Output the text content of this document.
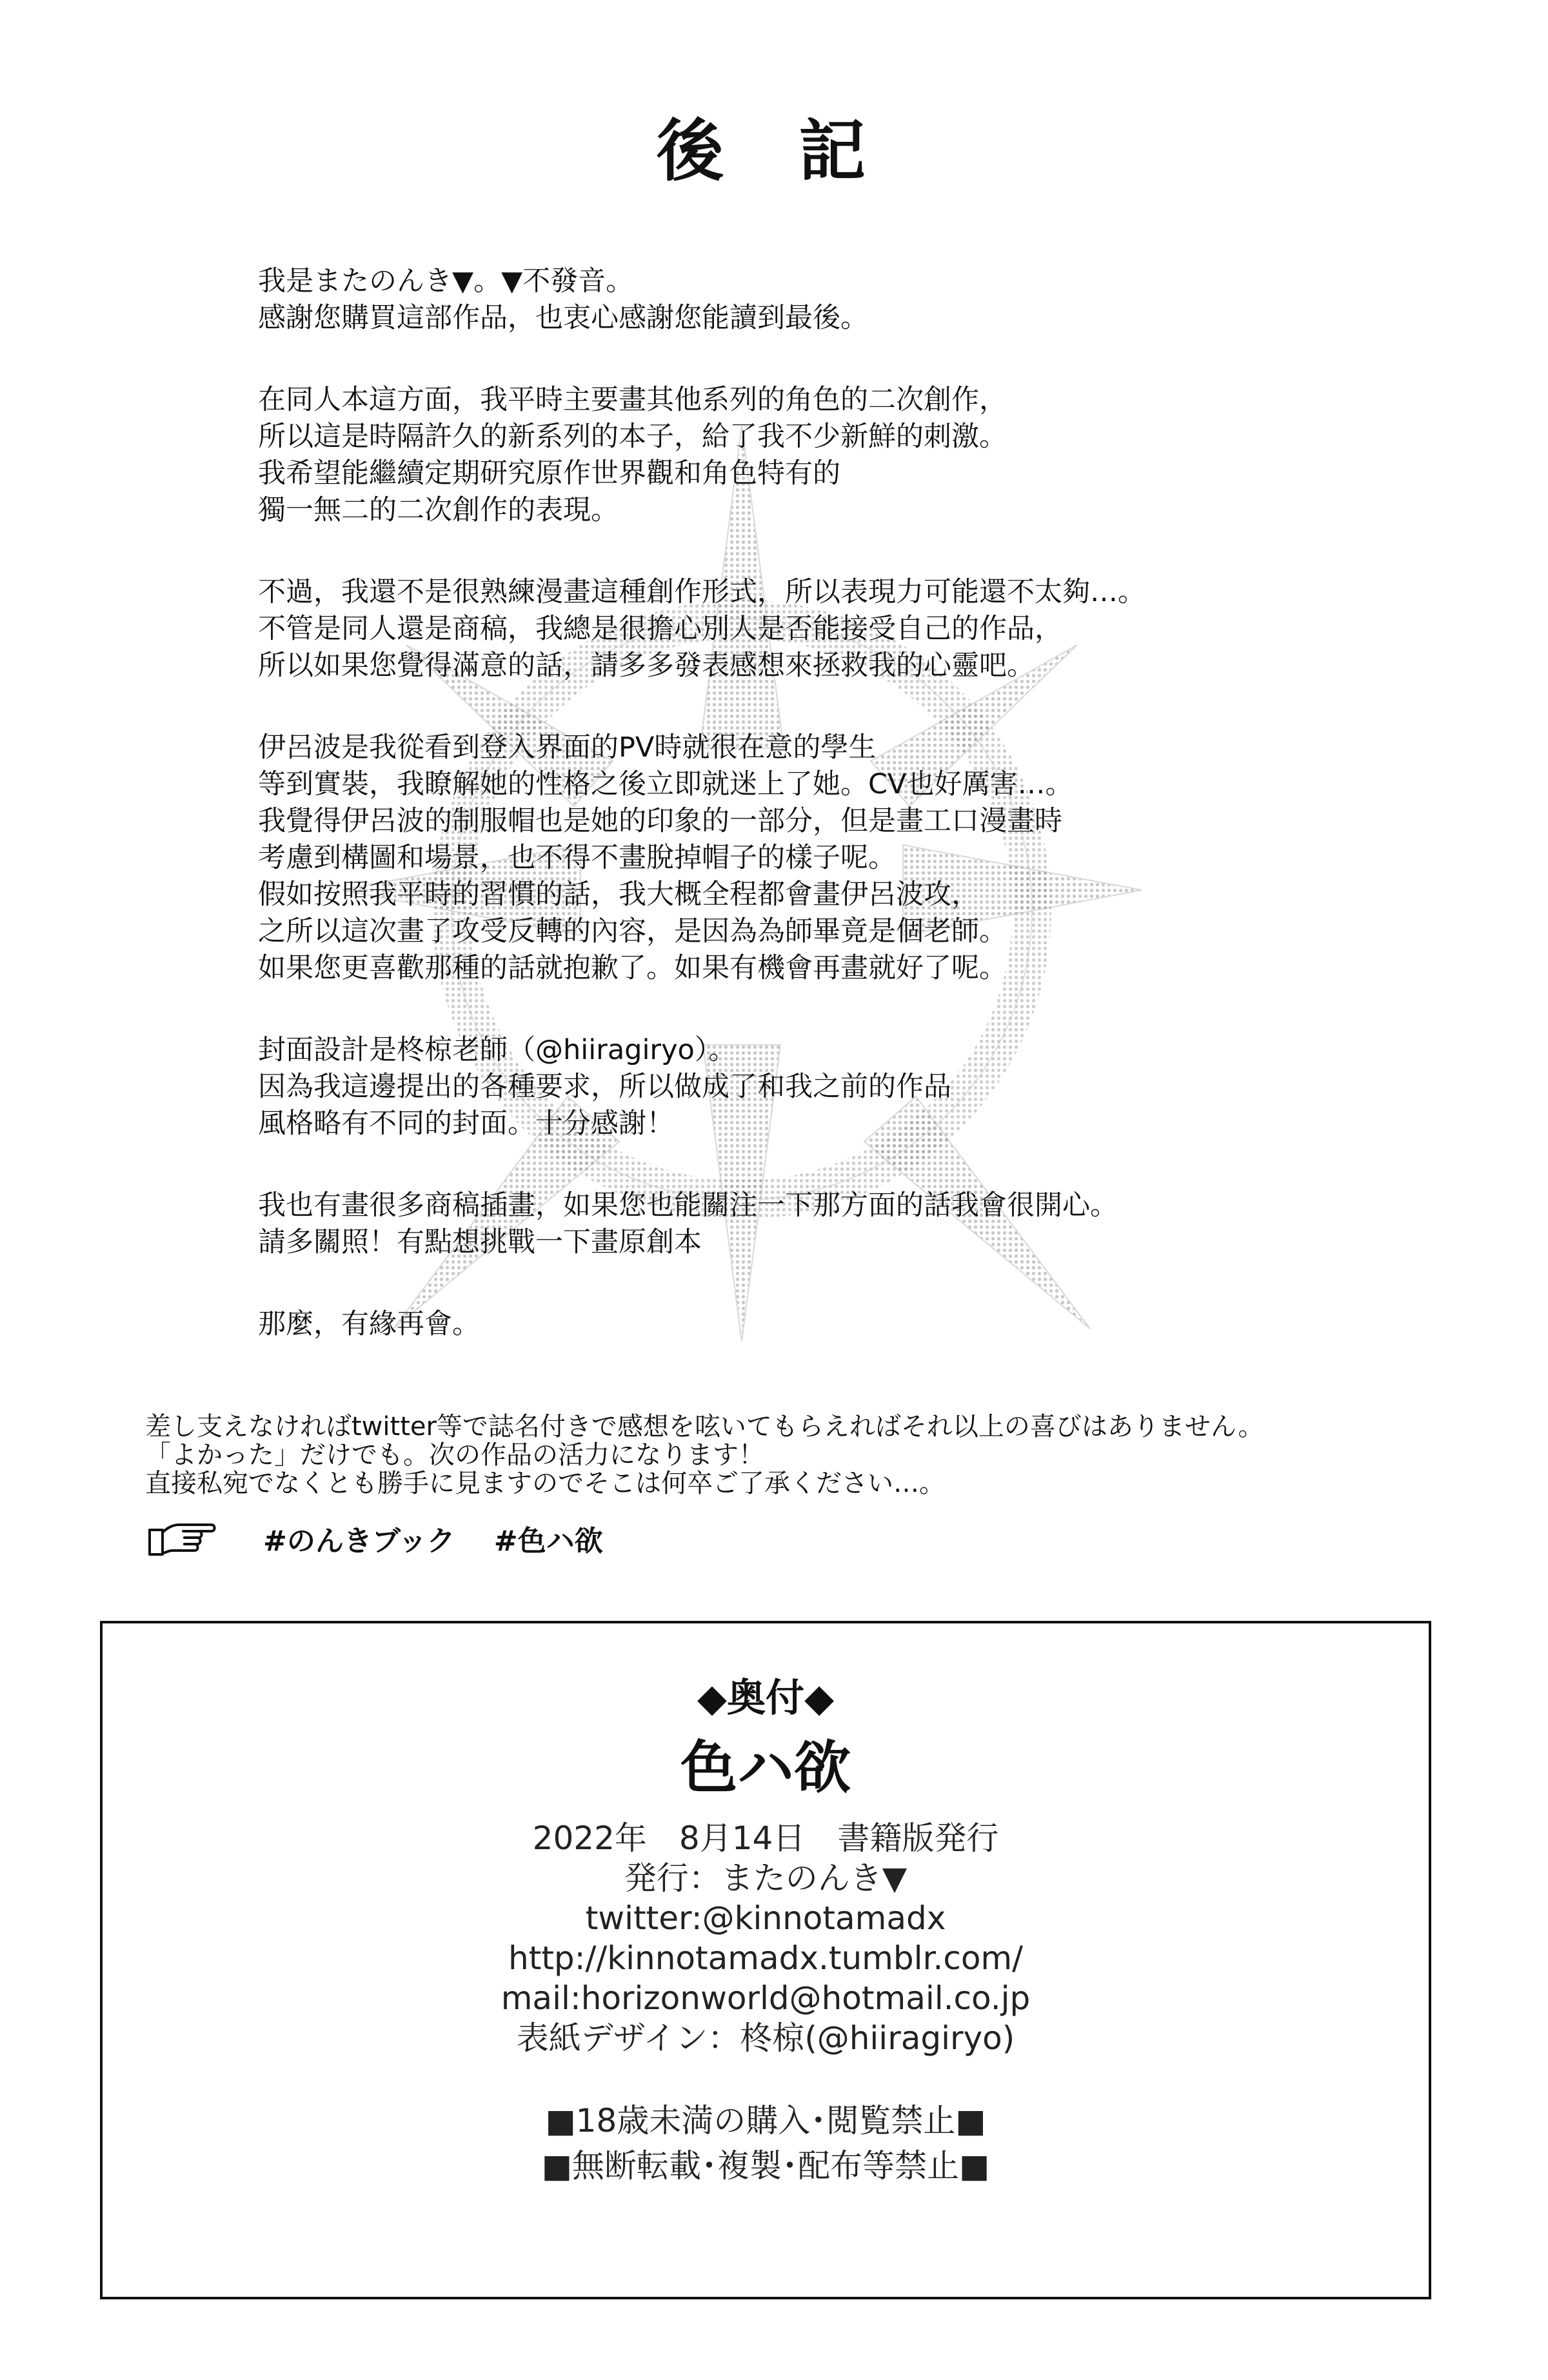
後 記
我是またのんき▼。▼不發音。
感謝您購買這部作品，也衷心感謝您能讀到最後。
在同人本這方面，我平時主要畫其他系列的角色的二次創作，
所以這是時隔許久的新系列的本子，給了我不少新鮮的刺激。
我希望能繼續定期研究原作世界觀和角色特有的
獨一無二的二次創作的表現。
不過，我還不是很熟練漫畫這種創作形式，所以表現力可能還不太夠…。
不管是同人還是商稿，我總是很擔心別人是否能接受自己的作品，
所以如果您覺得滿意的話，請多多發表感想來拯救我的心靈吧。
伊呂波是我從看到登入界面的PV時就很在意的學生
等到實裝，我瞭解她的性格之後立即就迷上了她。CV也好厲害…。
我覺得伊呂波的制服帽也是她的印象的一部分，但是畫工口漫畫時
考慮到構圖和場景，也不得不畫脫掉帽子的樣子呢。
假如按照我平時的習慣的話，我大概全程都會畫伊呂波攻，
之所以這次畫了攻受反轉的內容，是因為為師畢竟是個老師。
如果您更喜歡那種的話就抱歉了。如果有機會再畫就好了呢。
封面設計是柊椋老師（@hiiragiryo）。
因為我這邊提出的各種要求，所以做成了和我之前的作品
風格略有不同的封面。十分感謝！
我也有畫很多商稿插畫，如果您也能關注一下那方面的話我會很開心。
請多關照！有點想挑戰一下畫原創本
那麼，有緣再會。
差し支えなければtwitter等で誌名付きで感想を呟いてもらえればそれ以上の喜びはありません。
「よかった」だけでも。次の作品の活力になります！
直接私宛でなくとも勝手に見ますのでそこは何卒ご了承ください…。
#のんきブック #色ハ欲
◆奥付◆
色ハ欲
2022年　8月14日　書籍版発行
発行：またのんき▼
twitter:@kinnotamadx
http://kinnotamadx.tumblr.com/
mail:horizonworld@hotmail.co.jp
表紙デザイン：柊椋(@hiiragiryo)
■18歳未満の購入･閲覧禁止■
■無断転載･複製･配布等禁止■
